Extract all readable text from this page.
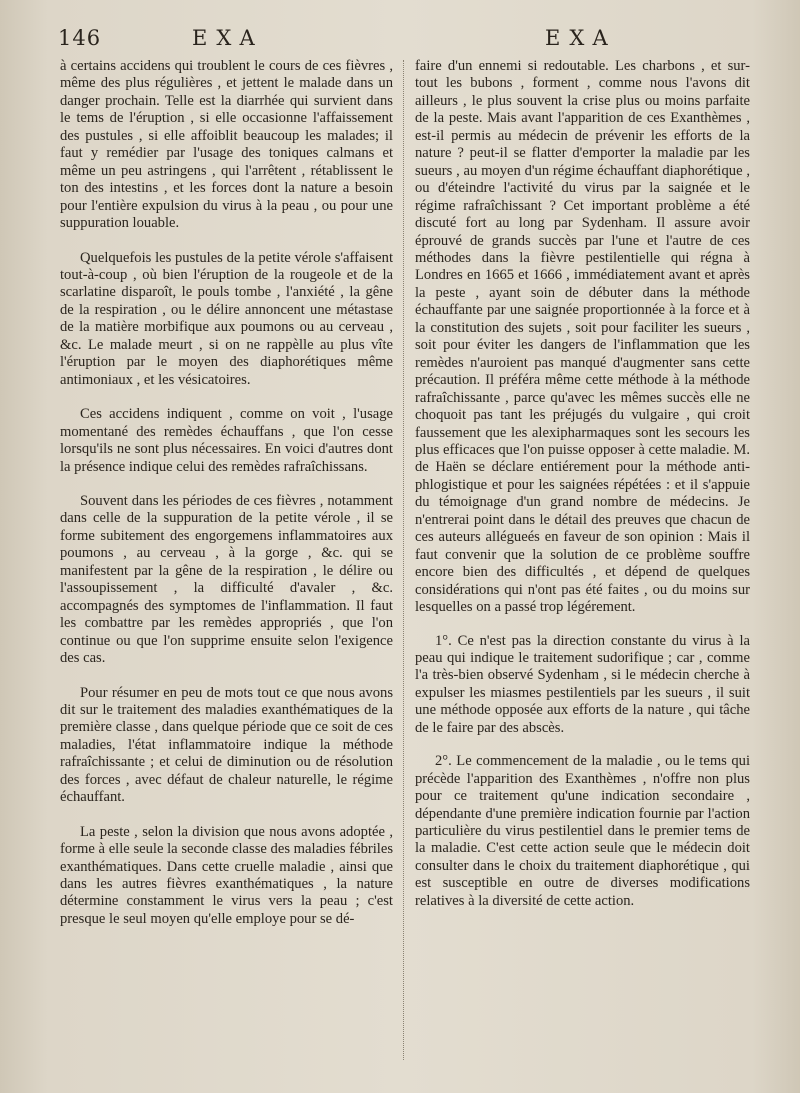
146	EXA	EXA

à certains accidens qui troublent le cours de ces fièvres , même des plus régulières , et jettent le malade dans un danger prochain. Telle est la diarrhée qui survient dans le tems de l'éruption , si elle occasionne l'affaissement des pustules , si elle affoiblit beaucoup les malades; il faut y remédier par l'usage des toniques calmans et même un peu astringens , qui l'arrêtent , rétablissent le ton des intestins , et les forces dont la nature a besoin pour l'entière expulsion du virus à la peau , ou pour une suppuration louable.

Quelquefois les pustules de la petite vérole s'affaisent tout-à-coup , où bien l'éruption de la rougeole et de la scarlatine disparoît, le pouls tombe , l'anxiété , la gêne de la respiration , ou le délire annoncent une métastase de la matière morbifique aux poumons ou au cerveau , &c. Le malade meurt , si on ne rappèlle au plus vîte l'éruption par le moyen des diaphorétiques même antimoniaux , et les vésicatoires.

Ces accidens indiquent , comme on voit , l'usage momentané des remèdes échauffans , que l'on cesse lorsqu'ils ne sont plus nécessaires. En voici d'autres dont la présence indique celui des remèdes rafraîchissans.

Souvent dans les périodes de ces fièvres , notamment dans celle de la suppuration de la petite vérole , il se forme subitement des engorgemens inflammatoires aux poumons , au cerveau , à la gorge , &c. qui se manifestent par la gêne de la respiration , le délire ou l'assoupissement , la difficulté d'avaler , &c. accompagnés des symptomes de l'inflammation. Il faut les combattre par les remèdes appropriés , que l'on continue ou que l'on supprime ensuite selon l'exigence des cas.

Pour résumer en peu de mots tout ce que nous avons dit sur le traitement des maladies exanthématiques de la première classe , dans quelque période que ce soit de ces maladies, l'état inflammatoire indique la méthode rafraîchissante ; et celui de diminution ou de résolution des forces , avec défaut de chaleur naturelle, le régime échauffant.

La peste , selon la division que nous avons adoptée , forme à elle seule la seconde classe des maladies fébriles exanthématiques. Dans cette cruelle maladie , ainsi que dans les autres fièvres exanthématiques , la nature détermine constamment le virus vers la peau ; c'est presque le seul moyen qu'elle employe pour se dé-

faire d'un ennemi si redoutable. Les charbons , et sur-tout les bubons , forment , comme nous l'avons dit ailleurs , le plus souvent la crise plus ou moins parfaite de la peste. Mais avant l'apparition de ces Exanthèmes , est-il permis au médecin de prévenir les efforts de la nature ? peut-il se flatter d'emporter la maladie par les sueurs , au moyen d'un régime échauffant diaphorétique , ou d'éteindre l'activité du virus par la saignée et le régime rafraîchissant ? Cet important problème a été discuté fort au long par Sydenham. Il assure avoir éprouvé de grands succès par l'une et l'autre de ces méthodes dans la fièvre pestilentielle qui régna à Londres en 1665 et 1666 , immédiatement avant et après la peste , ayant soin de débuter dans la méthode échauffante par une saignée proportionnée à la force et à la constitution des sujets , soit pour faciliter les sueurs , soit pour éviter les dangers de l'inflammation que les remèdes n'auroient pas manqué d'augmenter sans cette précaution. Il préféra même cette méthode à la méthode rafraîchissante , parce qu'avec les mêmes succès elle ne choquoit pas tant les préjugés du vulgaire , qui croit faussement que les alexipharmaques sont les secours les plus efficaces que l'on puisse opposer à cette maladie. M. de Haën se déclare entiérement pour la méthode anti-phlogistique et pour les saignées répétées : et il s'appuie du témoignage d'un grand nombre de médecins. Je n'entrerai point dans le détail des preuves que chacun de ces auteurs allégueés en faveur de son opinion : Mais il faut convenir que la solution de ce problème souffre encore bien des difficultés , et dépend de quelques considérations qui n'ont pas été faites , ou du moins sur lesquelles on a passé trop légérement.

1°. Ce n'est pas la direction constante du virus à la peau qui indique le traitement sudorifique ; car , comme l'a très-bien observé Sydenham , si le médecin cherche à expulser les miasmes pestilentiels par les sueurs , il suit une méthode opposée aux efforts de la nature , qui tâche de le faire par des abscès.

2°. Le commencement de la maladie , ou le tems qui précède l'apparition des Exanthèmes , n'offre non plus pour ce traitement qu'une indication secondaire , dépendante d'une première indication fournie par l'action particulière du virus pestilentiel dans le premier tems de la maladie. C'est cette action seule que le médecin doit consulter dans le choix du traitement diaphorétique , qui est susceptible en outre de diverses modifications relatives à la diversité de cette action.
